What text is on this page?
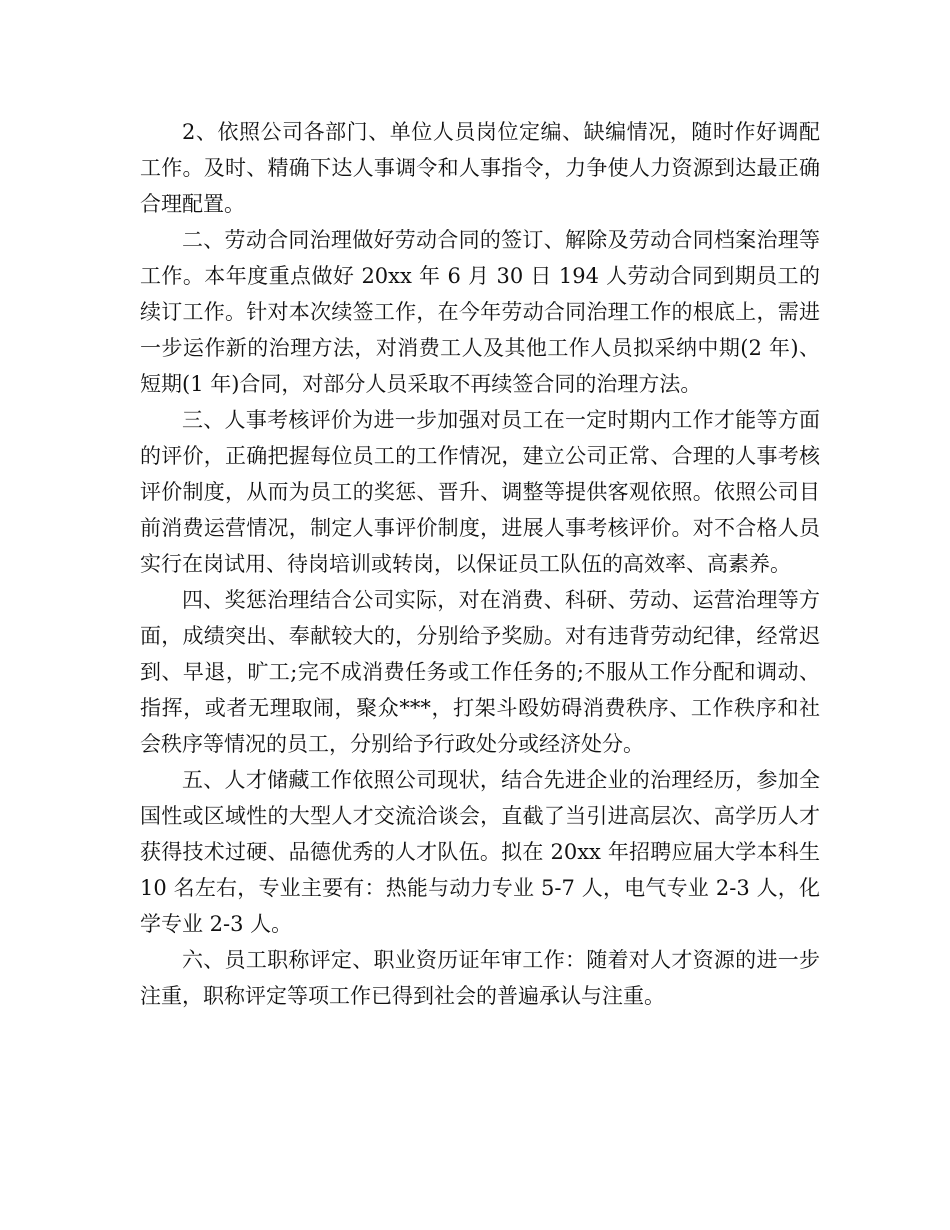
2、依照公司各部门、单位人员岗位定编、缺编情况，随时作好调配工作。及时、精确下达人事调令和人事指令，力争使人力资源到达最正确合理配置。

二、劳动合同治理做好劳动合同的签订、解除及劳动合同档案治理等工作。本年度重点做好 20xx 年 6 月 30 日 194 人劳动合同到期员工的续订工作。针对本次续签工作，在今年劳动合同治理工作的根底上，需进一步运作新的治理方法，对消费工人及其他工作人员拟采纳中期(2 年)、短期(1 年)合同，对部分人员采取不再续签合同的治理方法。

三、人事考核评价为进一步加强对员工在一定时期内工作才能等方面的评价，正确把握每位员工的工作情况，建立公司正常、合理的人事考核评价制度，从而为员工的奖惩、晋升、调整等提供客观依照。依照公司目前消费运营情况，制定人事评价制度，进展人事考核评价。对不合格人员实行在岗试用、待岗培训或转岗，以保证员工队伍的高效率、高素养。

四、奖惩治理结合公司实际，对在消费、科研、劳动、运营治理等方面，成绩突出、奉献较大的，分别给予奖励。对有违背劳动纪律，经常迟到、早退，旷工;完不成消费任务或工作任务的;不服从工作分配和调动、指挥，或者无理取闹，聚众***，打架斗殴妨碍消费秩序、工作秩序和社会秩序等情况的员工，分别给予行政处分或经济处分。

五、人才储藏工作依照公司现状，结合先进企业的治理经历，参加全国性或区域性的大型人才交流洽谈会，直截了当引进高层次、高学历人才获得技术过硬、品德优秀的人才队伍。拟在 20xx 年招聘应届大学本科生 10 名左右，专业主要有：热能与动力专业 5-7 人，电气专业 2-3 人，化学专业 2-3 人。

六、员工职称评定、职业资历证年审工作：随着对人才资源的进一步注重，职称评定等项工作已得到社会的普遍承认与注重。
